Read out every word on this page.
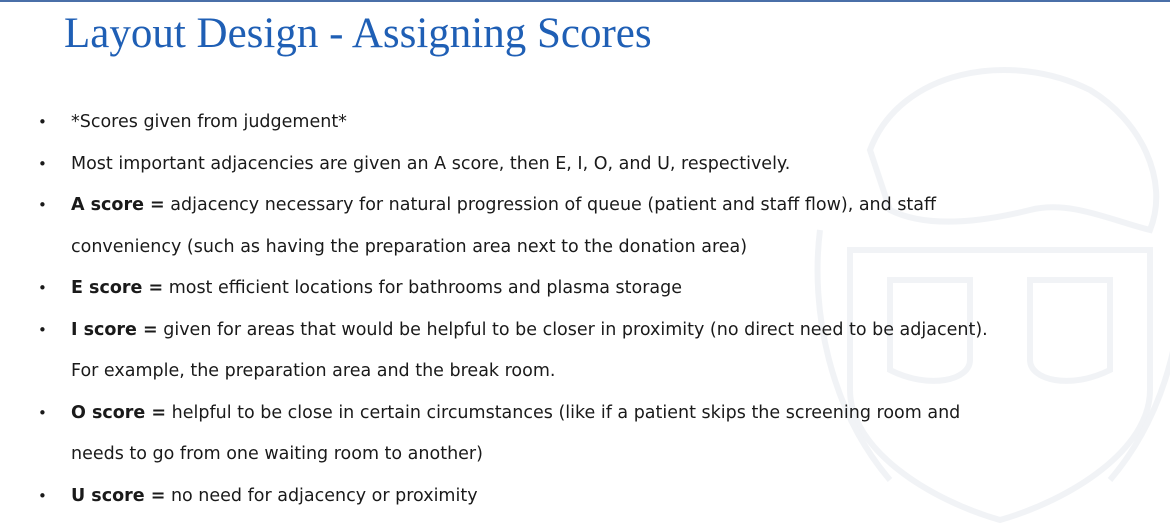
Layout Design - Assigning Scores
• *Scores given from judgement*
• Most important adjacencies are given an A score, then E, I, O, and U, respectively.
• A score = adjacency necessary for natural progression of queue (patient and staff flow), and staff
conveniency (such as having the preparation area next to the donation area)
• E score = most efficient locations for bathrooms and plasma storage
• I score = given for areas that would be helpful to be closer in proximity (no direct need to be adjacent).
For example, the preparation area and the break room.
• O score = helpful to be close in certain circumstances (like if a patient skips the screening room and
needs to go from one waiting room to another)
• U score = no need for adjacency or proximity
